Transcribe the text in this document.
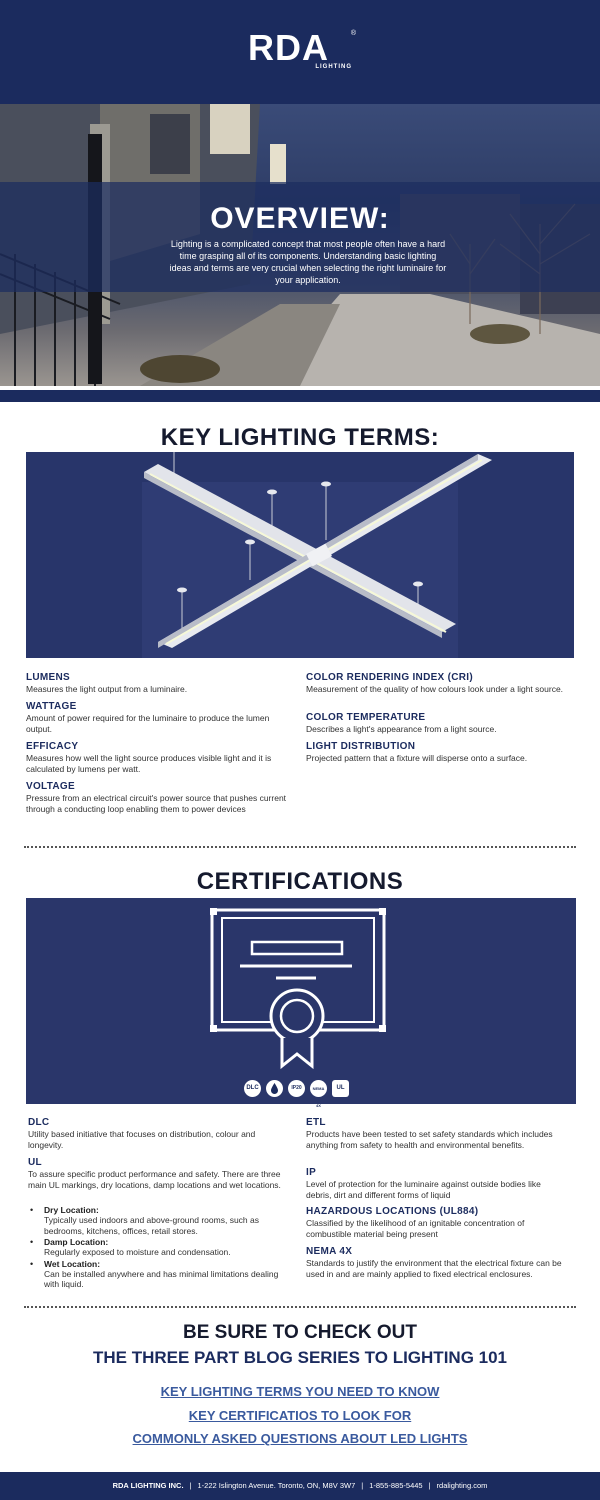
RDA	®
LIGHTING
OVERVIEW:
Lighting is a complicated concept that most people often have a hard time grasping all of its components. Understanding basic lighting ideas and terms are very crucial when selecting the right luminaire for your application.
KEY LIGHTING TERMS:
LUMENS
Measures the light output from a luminaire.
WATTAGE
Amount of power required for the luminaire to produce the lumen output.
EFFICACY
Measures how well the light source produces visible light and it is calculated by lumens per watt.
VOLTAGE
Pressure from an electrical circuit's power source that pushes current through a conducting loop enabling them to power devices
COLOR RENDERING INDEX (CRI)
Measurement of the quality of how colours look under a light source.
COLOR TEMPERATURE
Describes a light's appearance from a light source.
LIGHT DISTRIBUTION
Projected pattern that a fixture will disperse onto a surface.
CERTIFICATIONS
DLC	IP20	NEMA 4X
UL
DLC
Utility based initiative that focuses on distribution, colour and longevity.
UL
To assure specific product performance and safety. There are three main UL markings, dry locations, damp locations and wet locations.
• Dry Location:
Typically used indoors and above-ground rooms, such as bedrooms, kitchens, offices, retail stores.
• Damp Location:
Regularly exposed to moisture and condensation.
• Wet Location:
Can be installed anywhere and has minimal limitations dealing with liquid.
ETL
Products have been tested to set safety standards which includes anything from safety to health and environmental benefits.
IP
Level of protection for the luminaire against outside bodies like debris, dirt and different forms of liquid
HAZARDOUS LOCATIONS (UL884)
Classified by the likelihood of an ignitable concentration of combustible material being present
NEMA 4X
Standards to justify the environment that the electrical fixture can be used in and are mainly applied to fixed electrical enclosures.
BE SURE TO CHECK OUT
THE THREE PART BLOG SERIES TO LIGHTING 101
KEY LIGHTING TERMS YOU NEED TO KNOW
KEY CERTIFICATIOS TO LOOK FOR
COMMONLY ASKED QUESTIONS ABOUT LED LIGHTS
RDA LIGHTING INC. | 1-222 Islington Avenue. Toronto, ON, M8V 3W7 | 1-855-885-5445 | rdalighting.com
